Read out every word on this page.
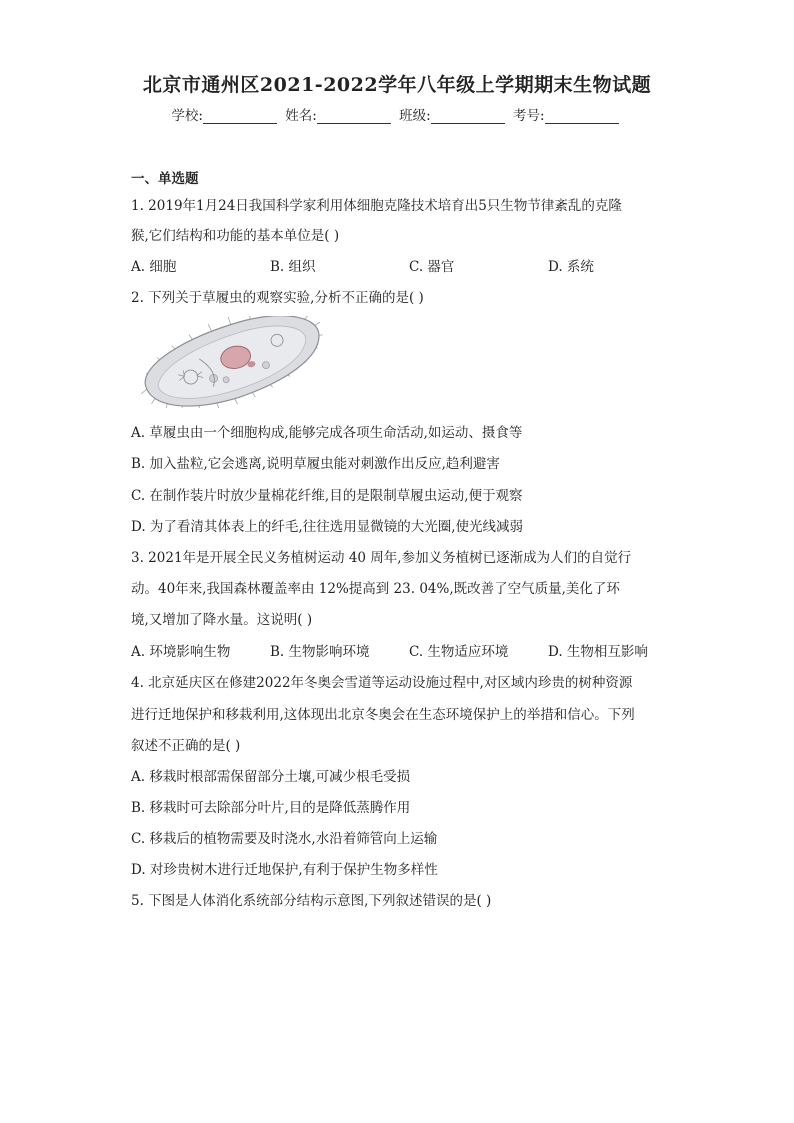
北京市通州区2021-2022学年八年级上学期期末生物试题
学校:	姓名:	班级:	考号:
一、单选题
1. 2019年1月24日我国科学家利用体细胞克隆技术培育出5只生物节律紊乱的克隆
猴,它们结构和功能的基本单位是( )
A. 细胞	B. 组织	C. 器官	D. 系统
2. 下列关于草履虫的观察实验,分析不正确的是( )
A. 草履虫由一个细胞构成,能够完成各项生命活动,如运动、摄食等
B. 加入盐粒,它会逃离,说明草履虫能对刺激作出反应,趋利避害
C. 在制作装片时放少量棉花纤维,目的是限制草履虫运动,便于观察
D. 为了看清其体表上的纤毛,往往选用显微镜的大光圈,使光线减弱
3. 2021年是开展全民义务植树运动 40 周年,参加义务植树已逐渐成为人们的自觉行
动。40年来,我国森林覆盖率由 12%提高到 23. 04%,既改善了空气质量,美化了环
境,又增加了降水量。这说明( )
A. 环境影响生物	B. 生物影响环境	C. 生物适应环境	D. 生物相互影响
4. 北京延庆区在修建2022年冬奥会雪道等运动设施过程中,对区域内珍贵的树种资源
进行迁地保护和移栽利用,这体现出北京冬奥会在生态环境保护上的举措和信心。下列
叙述不正确的是( )
A. 移栽时根部需保留部分土壤,可减少根毛受损
B. 移栽时可去除部分叶片,目的是降低蒸腾作用
C. 移栽后的植物需要及时浇水,水沿着筛管向上运输
D. 对珍贵树木进行迁地保护,有利于保护生物多样性
5. 下图是人体消化系统部分结构示意图,下列叙述错误的是( )
